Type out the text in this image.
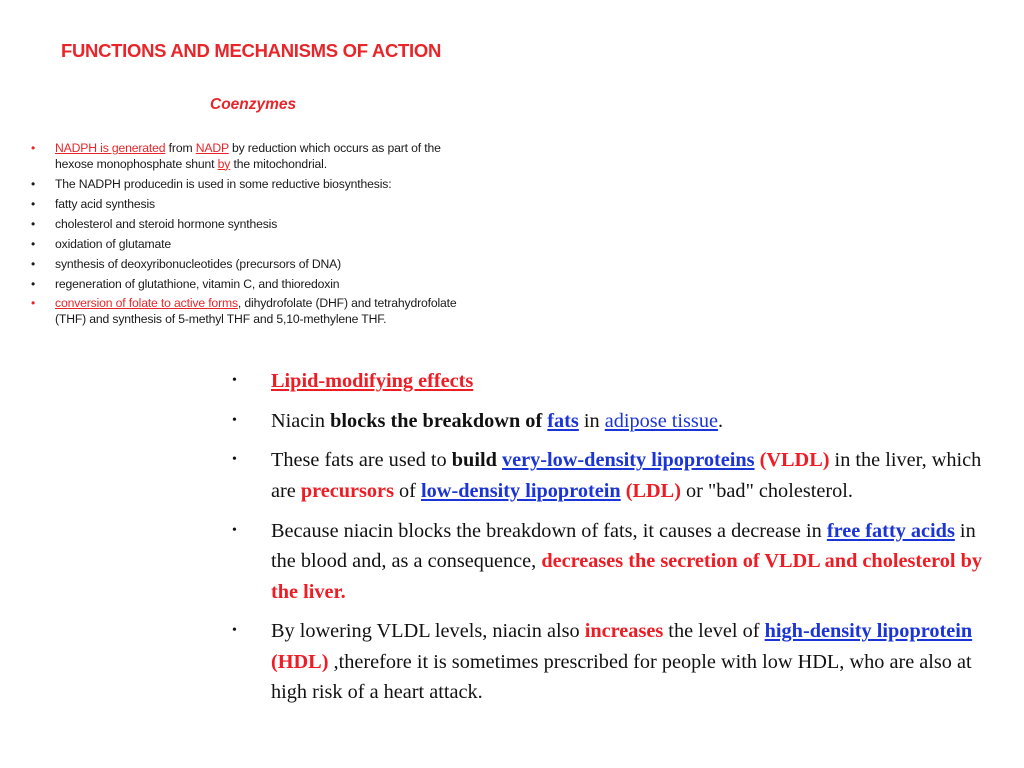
FUNCTIONS AND MECHANISMS OF ACTION
Coenzymes
• NADPH is generated from NADP by reduction which occurs as part of the hexose monophosphate shunt by the mitochondrial.
• The NADPH producedin is used in some reductive biosynthesis:
• fatty acid synthesis
• cholesterol and steroid hormone synthesis
• oxidation of glutamate
• synthesis of deoxyribonucleotides (precursors of DNA)
• regeneration of glutathione, vitamin C, and thioredoxin
• conversion of folate to active forms, dihydrofolate (DHF) and tetrahydrofolate (THF) and synthesis of 5-methyl THF and 5,10-methylene THF.
• Lipid-modifying effects
• Niacin blocks the breakdown of fats in adipose tissue.
• These fats are used to build very-low-density lipoproteins (VLDL) in the liver, which are precursors of low-density lipoprotein (LDL) or "bad" cholesterol.
• Because niacin blocks the breakdown of fats, it causes a decrease in free fatty acids in the blood and, as a consequence, decreases the secretion of VLDL and cholesterol by the liver.
• By lowering VLDL levels, niacin also increases the level of high-density lipoprotein (HDL) ,therefore it is sometimes prescribed for people with low HDL, who are also at high risk of a heart attack.
